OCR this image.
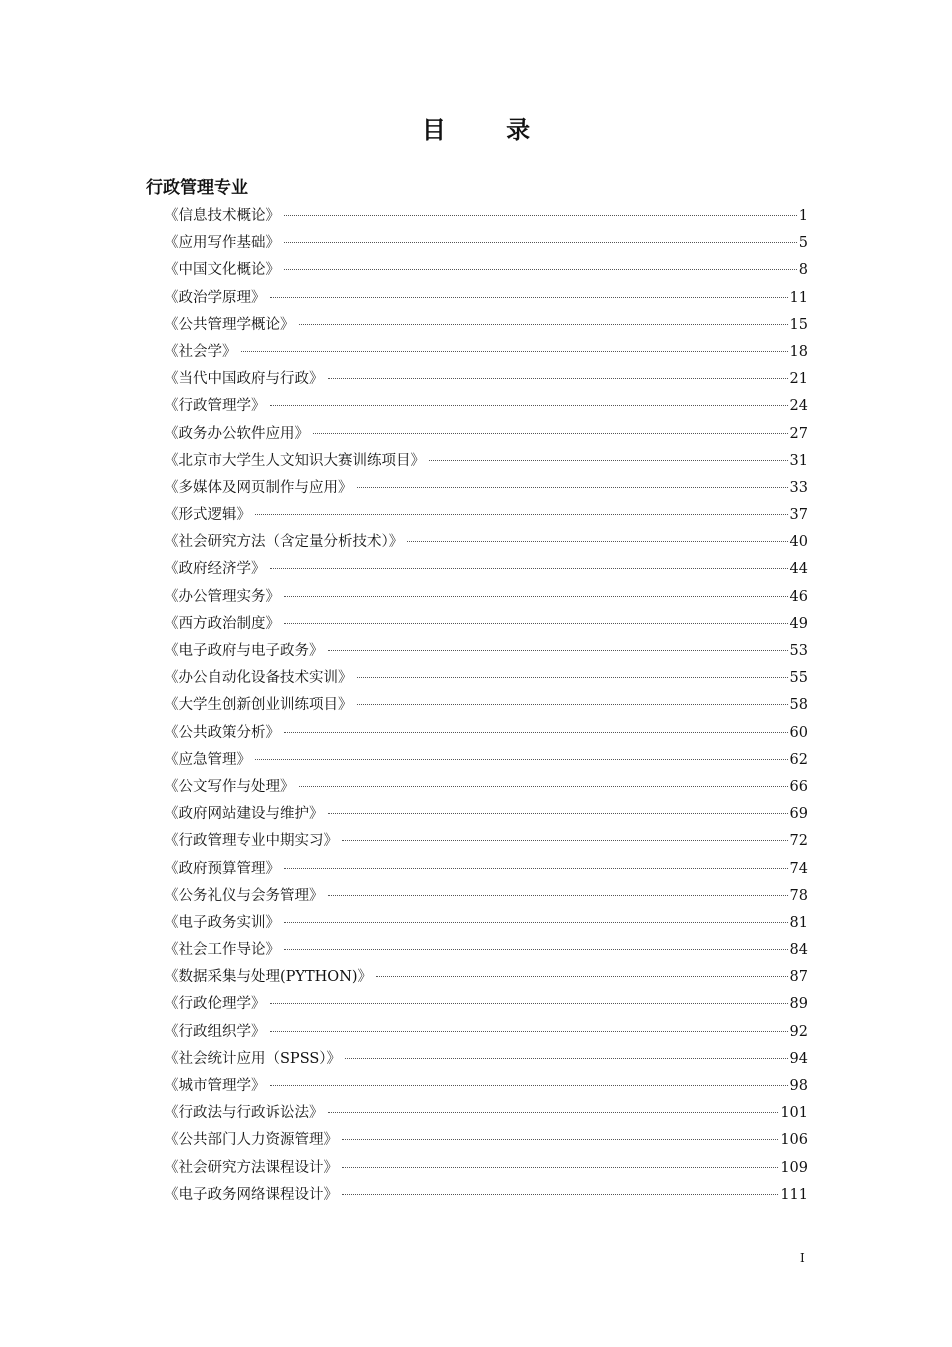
目 录
行政管理专业
《信息技术概论》	1
《应用写作基础》	5
《中国文化概论》	8
《政治学原理》	11
《公共管理学概论》	15
《社会学》	18
《当代中国政府与行政》	21
《行政管理学》	24
《政务办公软件应用》	27
《北京市大学生人文知识大赛训练项目》	31
《多媒体及网页制作与应用》	33
《形式逻辑》	37
《社会研究方法（含定量分析技术）》	40
《政府经济学》	44
《办公管理实务》	46
《西方政治制度》	49
《电子政府与电子政务》	53
《办公自动化设备技术实训》	55
《大学生创新创业训练项目》	58
《公共政策分析》	60
《应急管理》	62
《公文写作与处理》	66
《政府网站建设与维护》	69
《行政管理专业中期实习》	72
《政府预算管理》	74
《公务礼仪与会务管理》	78
《电子政务实训》	81
《社会工作导论》	84
《数据采集与处理(PYTHON)》	87
《行政伦理学》	89
《行政组织学》	92
《社会统计应用（SPSS）》	94
《城市管理学》	98
《行政法与行政诉讼法》	101
《公共部门人力资源管理》	106
《社会研究方法课程设计》	109
《电子政务网络课程设计》	111
I
